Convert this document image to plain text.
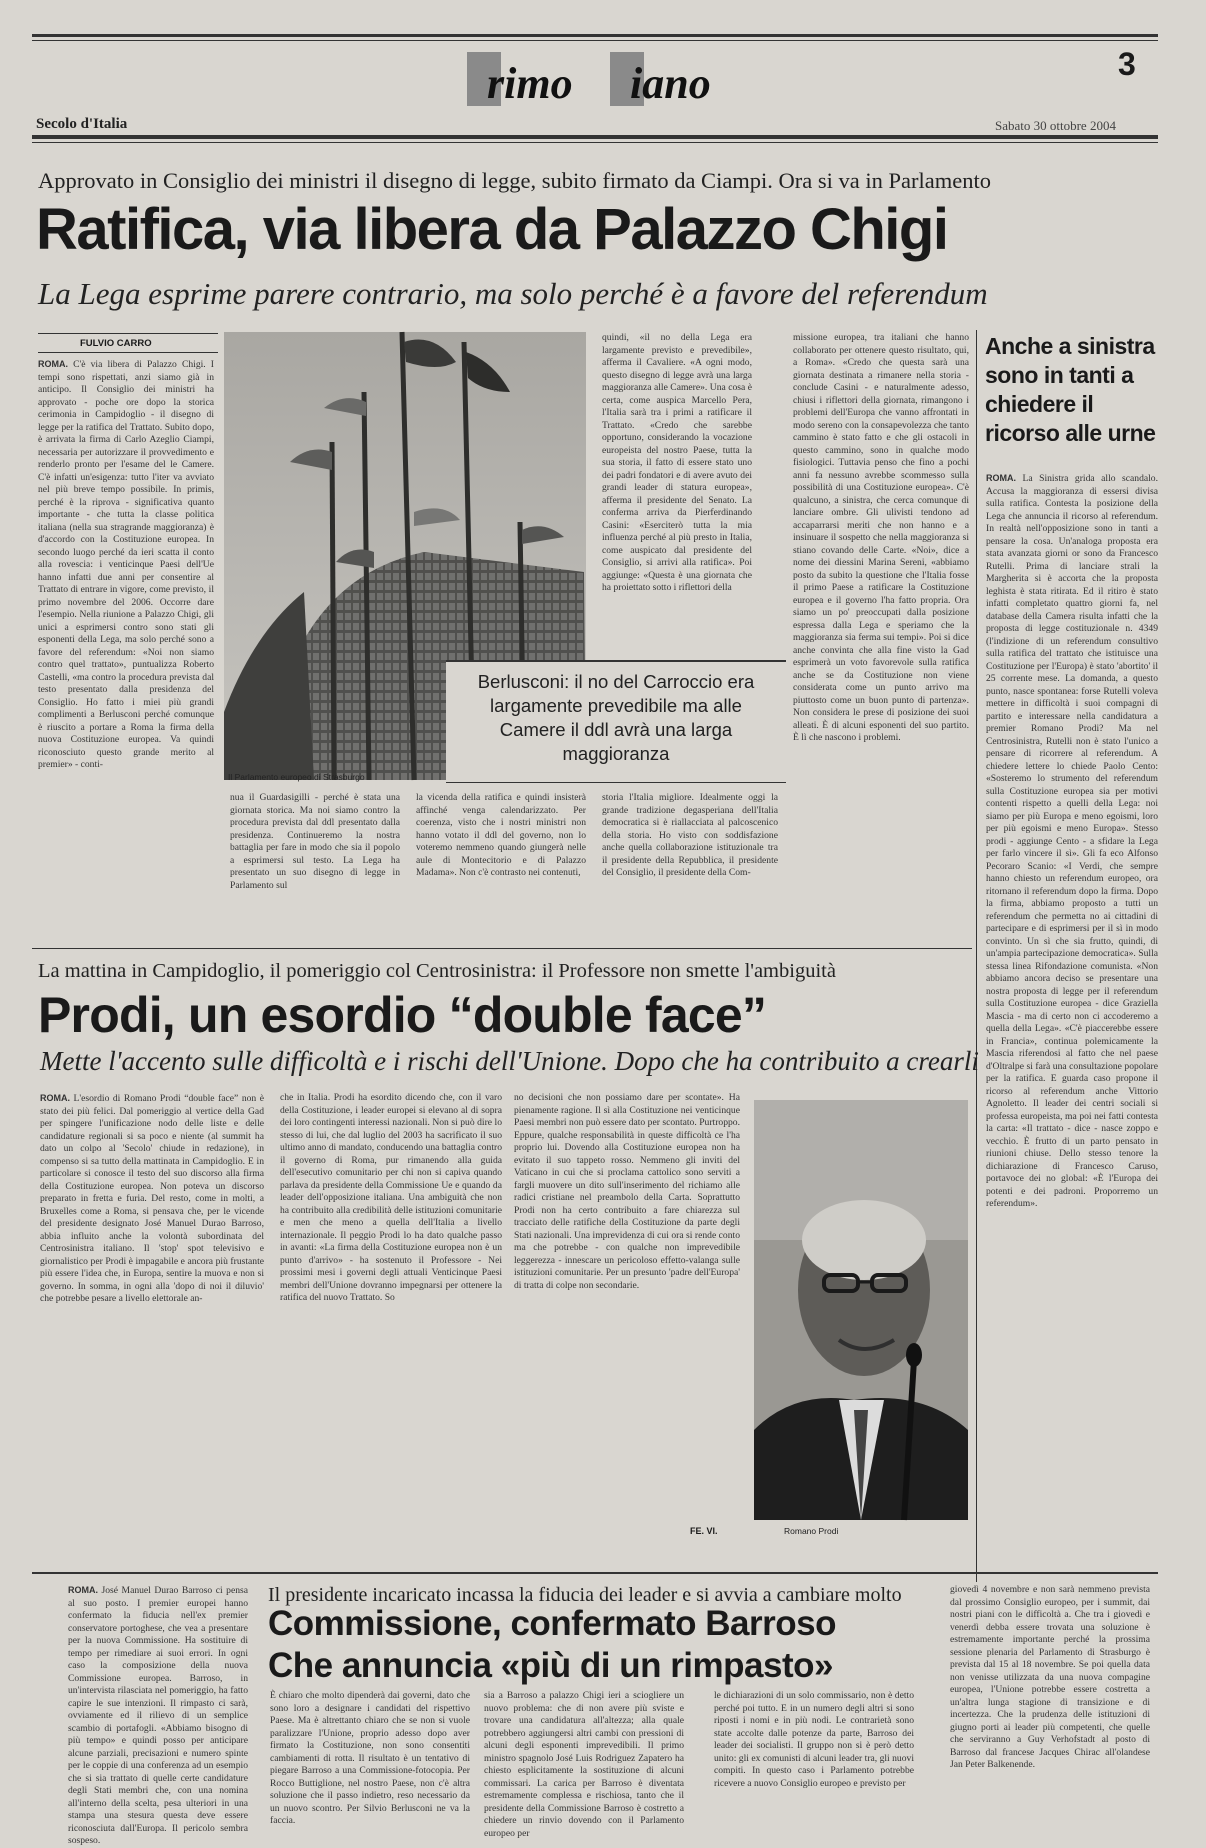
rimo iano	3
Secolo d'Italia	Sabato 30 ottobre 2004
Approvato in Consiglio dei ministri il disegno di legge, subito firmato da Ciampi. Ora si va in Parlamento
Ratifica, via libera da Palazzo Chigi
La Lega esprime parere contrario, ma solo perché è a favore del referendum
FULVIO CARRO
ROMA. C'è via libera di Palazzo Chigi. I tempi sono rispettati, anzi siamo già in anticipo. Il Consiglio dei ministri ha approvato - poche ore dopo la storica cerimonia in Campidoglio - il disegno di legge per la ratifica del Trattato. Subito dopo, è arrivata la firma di Carlo Azeglio Ciampi, necessaria per autorizzare il provvedimento e renderlo pronto per l'esame del le Camere. C'è infatti un'esigenza: tutto l'iter va avviato nel più breve tempo possibile. In primis, perché è la riprova - significativa quanto importante - che tutta la classe politica italiana (nella sua stragrande maggioranza) è d'accordo con la Costituzione europea. In secondo luogo perché da ieri scatta il conto alla rovescia: i venticinque Paesi dell'Ue hanno infatti due anni per consentire al Trattato di entrare in vigore, come previsto, il primo novembre del 2006. Occorre dare l'esempio. Nella riunione a Palazzo Chigi, gli unici a esprimersi contro sono stati gli esponenti della Lega, ma solo perché sono a favore del referendum: «Noi non siamo contro quel trattato», puntualizza Roberto Castelli, «ma contro la procedura prevista dal testo presentato dalla presidenza del Consiglio. Ho fatto i miei più grandi complimenti a Berlusconi perché comunque è riuscito a portare a Roma la firma della nuova Costituzione europea. Va quindi riconosciuto questo grande merito al premier» - conti-
Il Parlamento europeo di Strasburgo
quindi, «il no della Lega era largamente previsto e prevedibile», afferma il Cavaliere. «A ogni modo, questo disegno di legge avrà una larga maggioranza alle Camere». Una cosa è certa, come auspica Marcello Pera, l'Italia sarà tra i primi a ratificare il Trattato. «Credo che sarebbe opportuno, considerando la vocazione europeista del nostro Paese, tutta la sua storia, il fatto di essere stato uno dei padri fondatori e di avere avuto dei grandi leader di statura europea», afferma il presidente del Senato. La conferma arriva da Pierferdinando Casini: «Eserciterò tutta la mia influenza perché al più presto in Italia, come auspicato dal presidente del Consiglio, si arrivi alla ratifica». Poi aggiunge: «Questa è una giornata che ha proiettato sotto i riflettori della
missione europea, tra italiani che hanno collaborato per ottenere questo risultato, qui, a Roma». «Credo che questa sarà una giornata destinata a rimanere nella storia - conclude Casini - e naturalmente adesso, chiusi i riflettori della giornata, rimangono i problemi dell'Europa che vanno affrontati in modo sereno con la consapevolezza che tanto cammino è stato fatto e che gli ostacoli in questo cammino, sono in qualche modo fisiologici. Tuttavia penso che fino a pochi anni fa nessuno avrebbe scommesso sulla possibilità di una Costituzione europea». C'è qualcuno, a sinistra, che cerca comunque di lanciare ombre. Gli ulivisti tendono ad accaparrarsi meriti che non hanno e a insinuare il sospetto che nella maggioranza si stiano covando delle Carte. «Noi», dice a nome dei diessini Marina Sereni, «abbiamo posto da subito la questione che l'Italia fosse il primo Paese a ratificare la Costituzione europea e il governo l'ha fatto propria. Ora siamo un po' preoccupati dalla posizione espressa dalla Lega e speriamo che la maggioranza sia ferma sui tempi». Poi si dice anche convinta che alla fine visto la Gad esprimerà un voto favorevole sulla ratifica anche se da Costituzione non viene considerata come un punto arrivo ma piuttosto come un buon punto di partenza». Non considera le prese di posizione dei suoi alleati. È di alcuni esponenti del suo partito. È lì che nascono i problemi.
Berlusconi: il no del Carroccio era largamente prevedibile ma alle Camere il ddl avrà una larga maggioranza
nua il Guardasigilli - perché è stata una giornata storica. Ma noi siamo contro la procedura prevista dal ddl presentato dalla presidenza. Continueremo la nostra battaglia per fare in modo che sia il popolo a esprimersi sul testo. La Lega ha presentato un suo disegno di legge in Parlamento sul
la vicenda della ratifica e quindi insisterà affinché venga calendarizzato. Per coerenza, visto che i nostri ministri non hanno votato il ddl del governo, non lo voteremo nemmeno quando giungerà nelle aule di Montecitorio e di Palazzo Madama». Non c'è contrasto nei contenuti,
storia l'Italia migliore. Idealmente oggi la grande tradizione degasperiana dell'Italia democratica si è riallacciata al palcoscenico della storia. Ho visto con soddisfazione anche quella collaborazione istituzionale tra il presidente della Repubblica, il presidente del Consiglio, il presidente della Com-
Anche a sinistra sono in tanti a chiedere il ricorso alle urne
ROMA. La Sinistra grida allo scandalo. Accusa la maggioranza di essersi divisa sulla ratifica. Contesta la posizione della Lega che annuncia il ricorso al referendum. In realtà nell'opposizione sono in tanti a pensare la cosa. Un'analoga proposta era stata avanzata giorni or sono da Francesco Rutelli. Prima di lanciare strali la Margherita si è accorta che la proposta leghista è stata ritirata. Ed il ritiro è stato infatti completato quattro giorni fa, nel database della Camera risulta infatti che la proposta di legge costituzionale n. 4349 (l'indizione di un referendum consultivo sulla ratifica del trattato che istituisce una Costituzione per l'Europa) è stato 'abortito' il 25 corrente mese. La domanda, a questo punto, nasce spontanea: forse Rutelli voleva mettere in difficoltà i suoi compagni di partito e interessare nella candidatura a premier Romano Prodi? Ma nel Centrosinistra, Rutelli non è stato l'unico a pensare di ricorrere al referendum. A chiedere lettere lo chiede Paolo Cento: «Sosteremo lo strumento del referendum sulla Costituzione europea sia per motivi contenti rispetto a quelli della Lega: noi siamo per più Europa e meno egoismi, loro per più egoismi e meno Europa». Stesso prodi - aggiunge Cento - a sfidare la Lega per farlo vincere il sì». Gli fa eco Alfonso Pecoraro Scanio: «I Verdi, che sempre hanno chiesto un referendum europeo, ora ritornano il referendum dopo la firma. Dopo la firma, abbiamo proposto a tutti un referendum che permetta no ai cittadini di partecipare e di esprimersi per il sì in modo convinto. Un sì che sia frutto, quindi, di un'ampia partecipazione democratica». Sulla stessa linea Rifondazione comunista. «Non abbiamo ancora deciso se presentare una nostra proposta di legge per il referendum sulla Costituzione europea - dice Graziella Mascia - ma di certo non ci accoderemo a quella della Lega». «C'è piaccerebbe essere in Francia», continua polemicamente la Mascia riferendosi al fatto che nel paese d'Oltralpe si farà una consultazione popolare per la ratifica. E guarda caso propone il ricorso al referendum anche Vittorio Agnoletto. Il leader dei centri sociali si professa europeista, ma poi nei fatti contesta la carta: «Il trattato - dice - nasce zoppo e vecchio. È frutto di un parto pensato in riunioni chiuse. Dello stesso tenore la dichiarazione di Francesco Caruso, portavoce dei no global: «È l'Europa dei potenti e dei padroni. Proporremo un referendum».
La mattina in Campidoglio, il pomeriggio col Centrosinistra: il Professore non smette l'ambiguità
Prodi, un esordio “double face”
Mette l'accento sulle difficoltà e i rischi dell'Unione. Dopo che ha contribuito a crearli
ROMA. L'esordio di Romano Prodi “double face” non è stato dei più felici. Dal pomeriggio al vertice della Gad per spingere l'unificazione nodo delle liste e delle candidature regionali si sa poco e niente (al summit ha dato un colpo al 'Secolo' chiude in redazione), in compenso si sa tutto della mattinata in Campidoglio. E in particolare si conosce il testo del suo discorso alla firma della Costituzione europea. Non poteva un discorso preparato in fretta e furia. Del resto, come in molti, a Bruxelles come a Roma, si pensava che, per le vicende del presidente designato José Manuel Durao Barroso, abbia influito anche la volontà subordinata del Centrosinistra italiano. Il 'stop' spot televisivo e giornalistico per Prodi è impagabile e ancora più frustante più essere l'idea che, in Europa, sentire la muova e non si governo. In somma, in ogni alla 'dopo di noi il diluvio' che potrebbe pesare a livello elettorale an-
che in Italia. Prodi ha esordito dicendo che, con il varo della Costituzione, i leader europei si elevano al di sopra dei loro contingenti interessi nazionali. Non si può dire lo stesso di lui, che dal luglio del 2003 ha sacrificato il suo ultimo anno di mandato, conducendo una battaglia contro il governo di Roma, pur rimanendo alla guida dell'esecutivo comunitario per chi non si capiva quando parlava da presidente della Commissione Ue e quando da leader dell'opposizione italiana. Una ambiguità che non ha contribuito alla credibilità delle istituzioni comunitarie e men che meno a quella dell'Italia a livello internazionale. Il peggio Prodi lo ha dato qualche passo in avanti: «La firma della Costituzione europea non è un punto d'arrivo» - ha sostenuto il Professore - Nei prossimi mesi i governi degli attuali Venticinque Paesi membri dell'Unione dovranno impegnarsi per ottenere la ratifica del nuovo Trattato. So
no decisioni che non possiamo dare per scontate». Ha pienamente ragione. Il sì alla Costituzione nei venticinque Paesi membri non può essere dato per scontato. Purtroppo. Eppure, qualche responsabilità in queste difficoltà ce l'ha proprio lui. Dovendo alla Costituzione europea non ha evitato il suo tappeto rosso. Nemmeno gli inviti del Vaticano in cui che si proclama cattolico sono serviti a fargli muovere un dito sull'inserimento del richiamo alle radici cristiane nel preambolo della Carta. Soprattutto Prodi non ha certo contribuito a fare chiarezza sul tracciato delle ratifiche della Costituzione da parte degli Stati nazionali. Una imprevidenza di cui ora si rende conto ma che potrebbe - con qualche non imprevedibile leggerezza - innescare un pericoloso effetto-valanga sulle istituzioni comunitarie. Per un presunto 'padre dell'Europa' di tratta di colpe non secondarie.
FE. VI.	Romano Prodi
ROMA. José Manuel Durao Barroso ci pensa al suo posto. I premier europei hanno confermato la fiducia nell'ex premier conservatore portoghese, che vea a presentare per la nuova Commissione. Ha sostituire di tempo per rimediare ai suoi errori. In ogni caso la composizione della nuova Commissione europea. Barroso, in un'intervista rilasciata nel pomeriggio, ha fatto capire le sue intenzioni. Il rimpasto ci sarà, ovviamente ed il rilievo di un semplice scambio di portafogli. «Abbiamo bisogno di più tempo» e quindi posso per anticipare alcune parziali, precisazioni e numero spinte per le coppie di una conferenza ad un esempio che si sia trattato di quelle certe candidature degli Stati membri che, con una nomina all'interno della scelta, pesa ulteriori in una stampa una stesura questa deve essere riconosciuta dall'Europa. Il pericolo sembra sospeso.
Il presidente incaricato incassa la fiducia dei leader e si avvia a cambiare molto
Commissione, confermato Barroso
Che annuncia «più di un rimpasto»
È chiaro che molto dipenderà dai governi, dato che sono loro a designare i candidati del rispettivo Paese. Ma è altrettanto chiaro che se non si vuole paralizzare l'Unione, proprio adesso dopo aver firmato la Costituzione, non sono consentiti cambiamenti di rotta. Il risultato è un tentativo di piegare Barroso a una Commissione-fotocopia. Per Rocco Buttiglione, nel nostro Paese, non c'è altra soluzione che il passo indietro, reso necessario da un nuovo scontro. Per Silvio Berlusconi ne va la faccia.
sia a Barroso a palazzo Chigi ieri a sciogliere un nuovo problema: che di non avere più sviste e trovare una candidatura all'altezza; alla quale potrebbero aggiungersi altri cambi con pressioni di alcuni degli esponenti imprevedibili. Il primo ministro spagnolo José Luis Rodriguez Zapatero ha chiesto esplicitamente la sostituzione di alcuni commissari. La carica per Barroso è diventata estremamente complessa e rischiosa, tanto che il presidente della Commissione Barroso è costretto a chiedere un rinvio dovendo con il Parlamento europeo per
le dichiarazioni di un solo commissario, non è detto perché poi tutto. E in un numero degli altri si sono riposti i nomi e in più nodi. Le contrarietà sono state accolte dalle potenze da parte, Barroso dei leader dei socialisti. Il gruppo non si è però detto unito: gli ex comunisti di alcuni leader tra, gli nuovi compiti. In questo caso i Parlamento potrebbe ricevere a nuovo Consiglio europeo e previsto per
giovedì 4 novembre e non sarà nemmeno prevista dal prossimo Consiglio europeo, per i summit, dai nostri piani con le difficoltà a. Che tra i giovedì e venerdì debba essere trovata una soluzione è estremamente importante perché la prossima sessione plenaria del Parlamento di Strasburgo è prevista dal 15 al 18 novembre. Se poi quella data non venisse utilizzata da una nuova compagine europea, l'Unione potrebbe essere costretta a un'altra lunga stagione di transizione e di incertezza. Che la prudenza delle istituzioni di giugno porti ai leader più competenti, che quelle che serviranno a Guy Verhofstadt al posto di Barroso dal francese Jacques Chirac all'olandese Jan Peter Balkenende.
